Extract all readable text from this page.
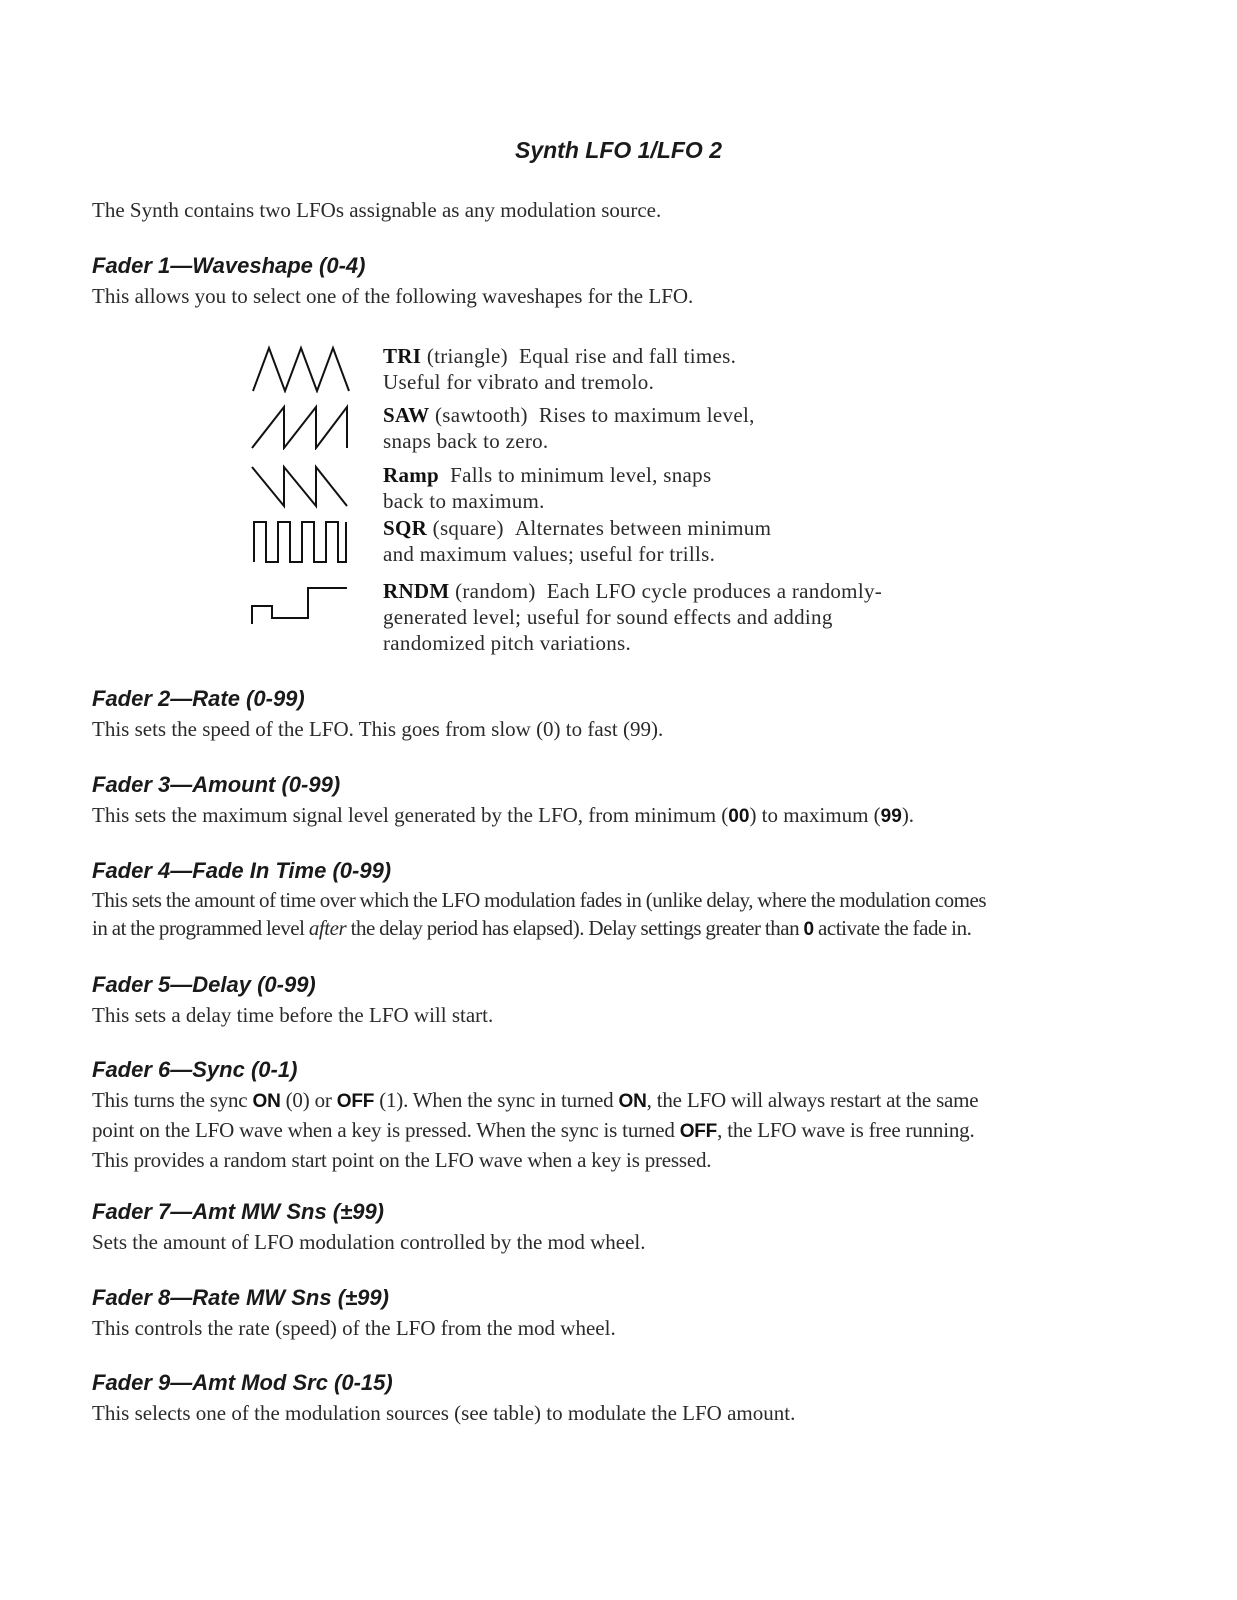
Synth LFO 1/LFO 2
The Synth contains two LFOs assignable as any modulation source.
Fader 1—Waveshape (0-4)
This allows you to select one of the following waveshapes for the LFO.
TRI (triangle) Equal rise and fall times.
Useful for vibrato and tremolo.
SAW (sawtooth) Rises to maximum level,
snaps back to zero.
Ramp Falls to minimum level, snaps
back to maximum.
SQR (square) Alternates between minimum
and maximum values; useful for trills.
RNDM (random) Each LFO cycle produces a randomly-
generated level; useful for sound effects and adding
randomized pitch variations.
Fader 2—Rate (0-99)
This sets the speed of the LFO. This goes from slow (0) to fast (99).
Fader 3—Amount (0-99)
This sets the maximum signal level generated by the LFO, from minimum (00) to maximum (99).
Fader 4—Fade In Time (0-99)
This sets the amount of time over which the LFO modulation fades in (unlike delay, where the modulation comes
in at the programmed level after the delay period has elapsed). Delay settings greater than 0 activate the fade in.
Fader 5—Delay (0-99)
This sets a delay time before the LFO will start.
Fader 6—Sync (0-1)
This turns the sync ON (0) or OFF (1). When the sync in turned ON, the LFO will always restart at the same
point on the LFO wave when a key is pressed. When the sync is turned OFF, the LFO wave is free running.
This provides a random start point on the LFO wave when a key is pressed.
Fader 7—Amt MW Sns (±99)
Sets the amount of LFO modulation controlled by the mod wheel.
Fader 8—Rate MW Sns (±99)
This controls the rate (speed) of the LFO from the mod wheel.
Fader 9—Amt Mod Src (0-15)
This selects one of the modulation sources (see table) to modulate the LFO amount.
